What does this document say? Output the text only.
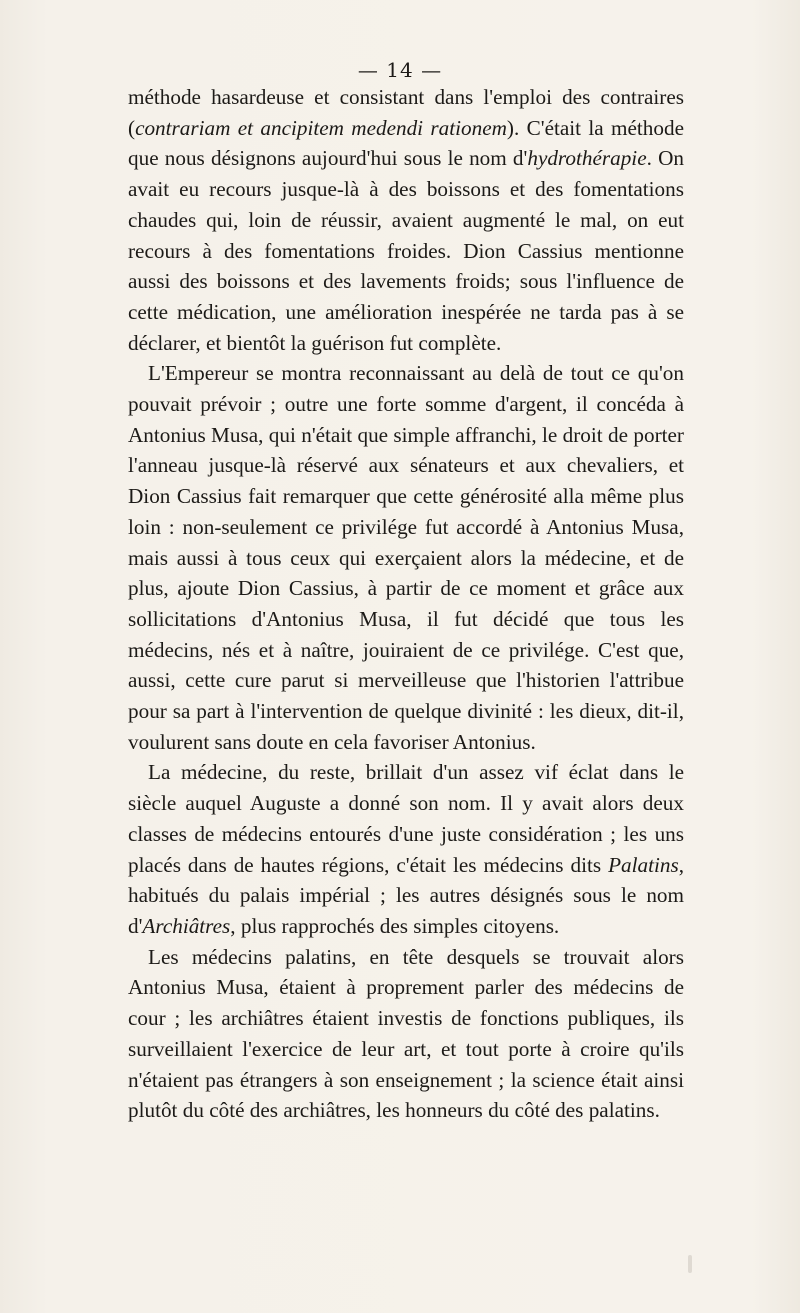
— 14 —

méthode hasardeuse et consistant dans l'emploi des contraires (contrariam et ancipitem medendi rationem). C'était la méthode que nous désignons aujourd'hui sous le nom d'hydrothérapie. On avait eu recours jusque-là à des boissons et des fomentations chaudes qui, loin de réussir, avaient augmenté le mal, on eut recours à des fomentations froides. Dion Cassius mentionne aussi des boissons et des lavements froids; sous l'influence de cette médication, une amélioration inespérée ne tarda pas à se déclarer, et bientôt la guérison fut complète.

L'Empereur se montra reconnaissant au delà de tout ce qu'on pouvait prévoir ; outre une forte somme d'argent, il concéda à Antonius Musa, qui n'était que simple affranchi, le droit de porter l'anneau jusque-là réservé aux sénateurs et aux chevaliers, et Dion Cassius fait remarquer que cette générosité alla même plus loin : non-seulement ce privilége fut accordé à Antonius Musa, mais aussi à tous ceux qui exerçaient alors la médecine, et de plus, ajoute Dion Cassius, à partir de ce moment et grâce aux sollicitations d'Antonius Musa, il fut décidé que tous les médecins, nés et à naître, jouiraient de ce privilége. C'est que, aussi, cette cure parut si merveilleuse que l'historien l'attribue pour sa part à l'intervention de quelque divinité : les dieux, dit-il, voulurent sans doute en cela favoriser Antonius.

La médecine, du reste, brillait d'un assez vif éclat dans le siècle auquel Auguste a donné son nom. Il y avait alors deux classes de médecins entourés d'une juste considération ; les uns placés dans de hautes régions, c'était les médecins dits Palatins, habitués du palais impérial ; les autres désignés sous le nom d'Archiâtres, plus rapprochés des simples citoyens.

Les médecins palatins, en tête desquels se trouvait alors Antonius Musa, étaient à proprement parler des médecins de cour ; les archiâtres étaient investis de fonctions publiques, ils surveillaient l'exercice de leur art, et tout porte à croire qu'ils n'étaient pas étrangers à son enseignement ; la science était ainsi plutôt du côté des archiâtres, les honneurs du côté des palatins.
